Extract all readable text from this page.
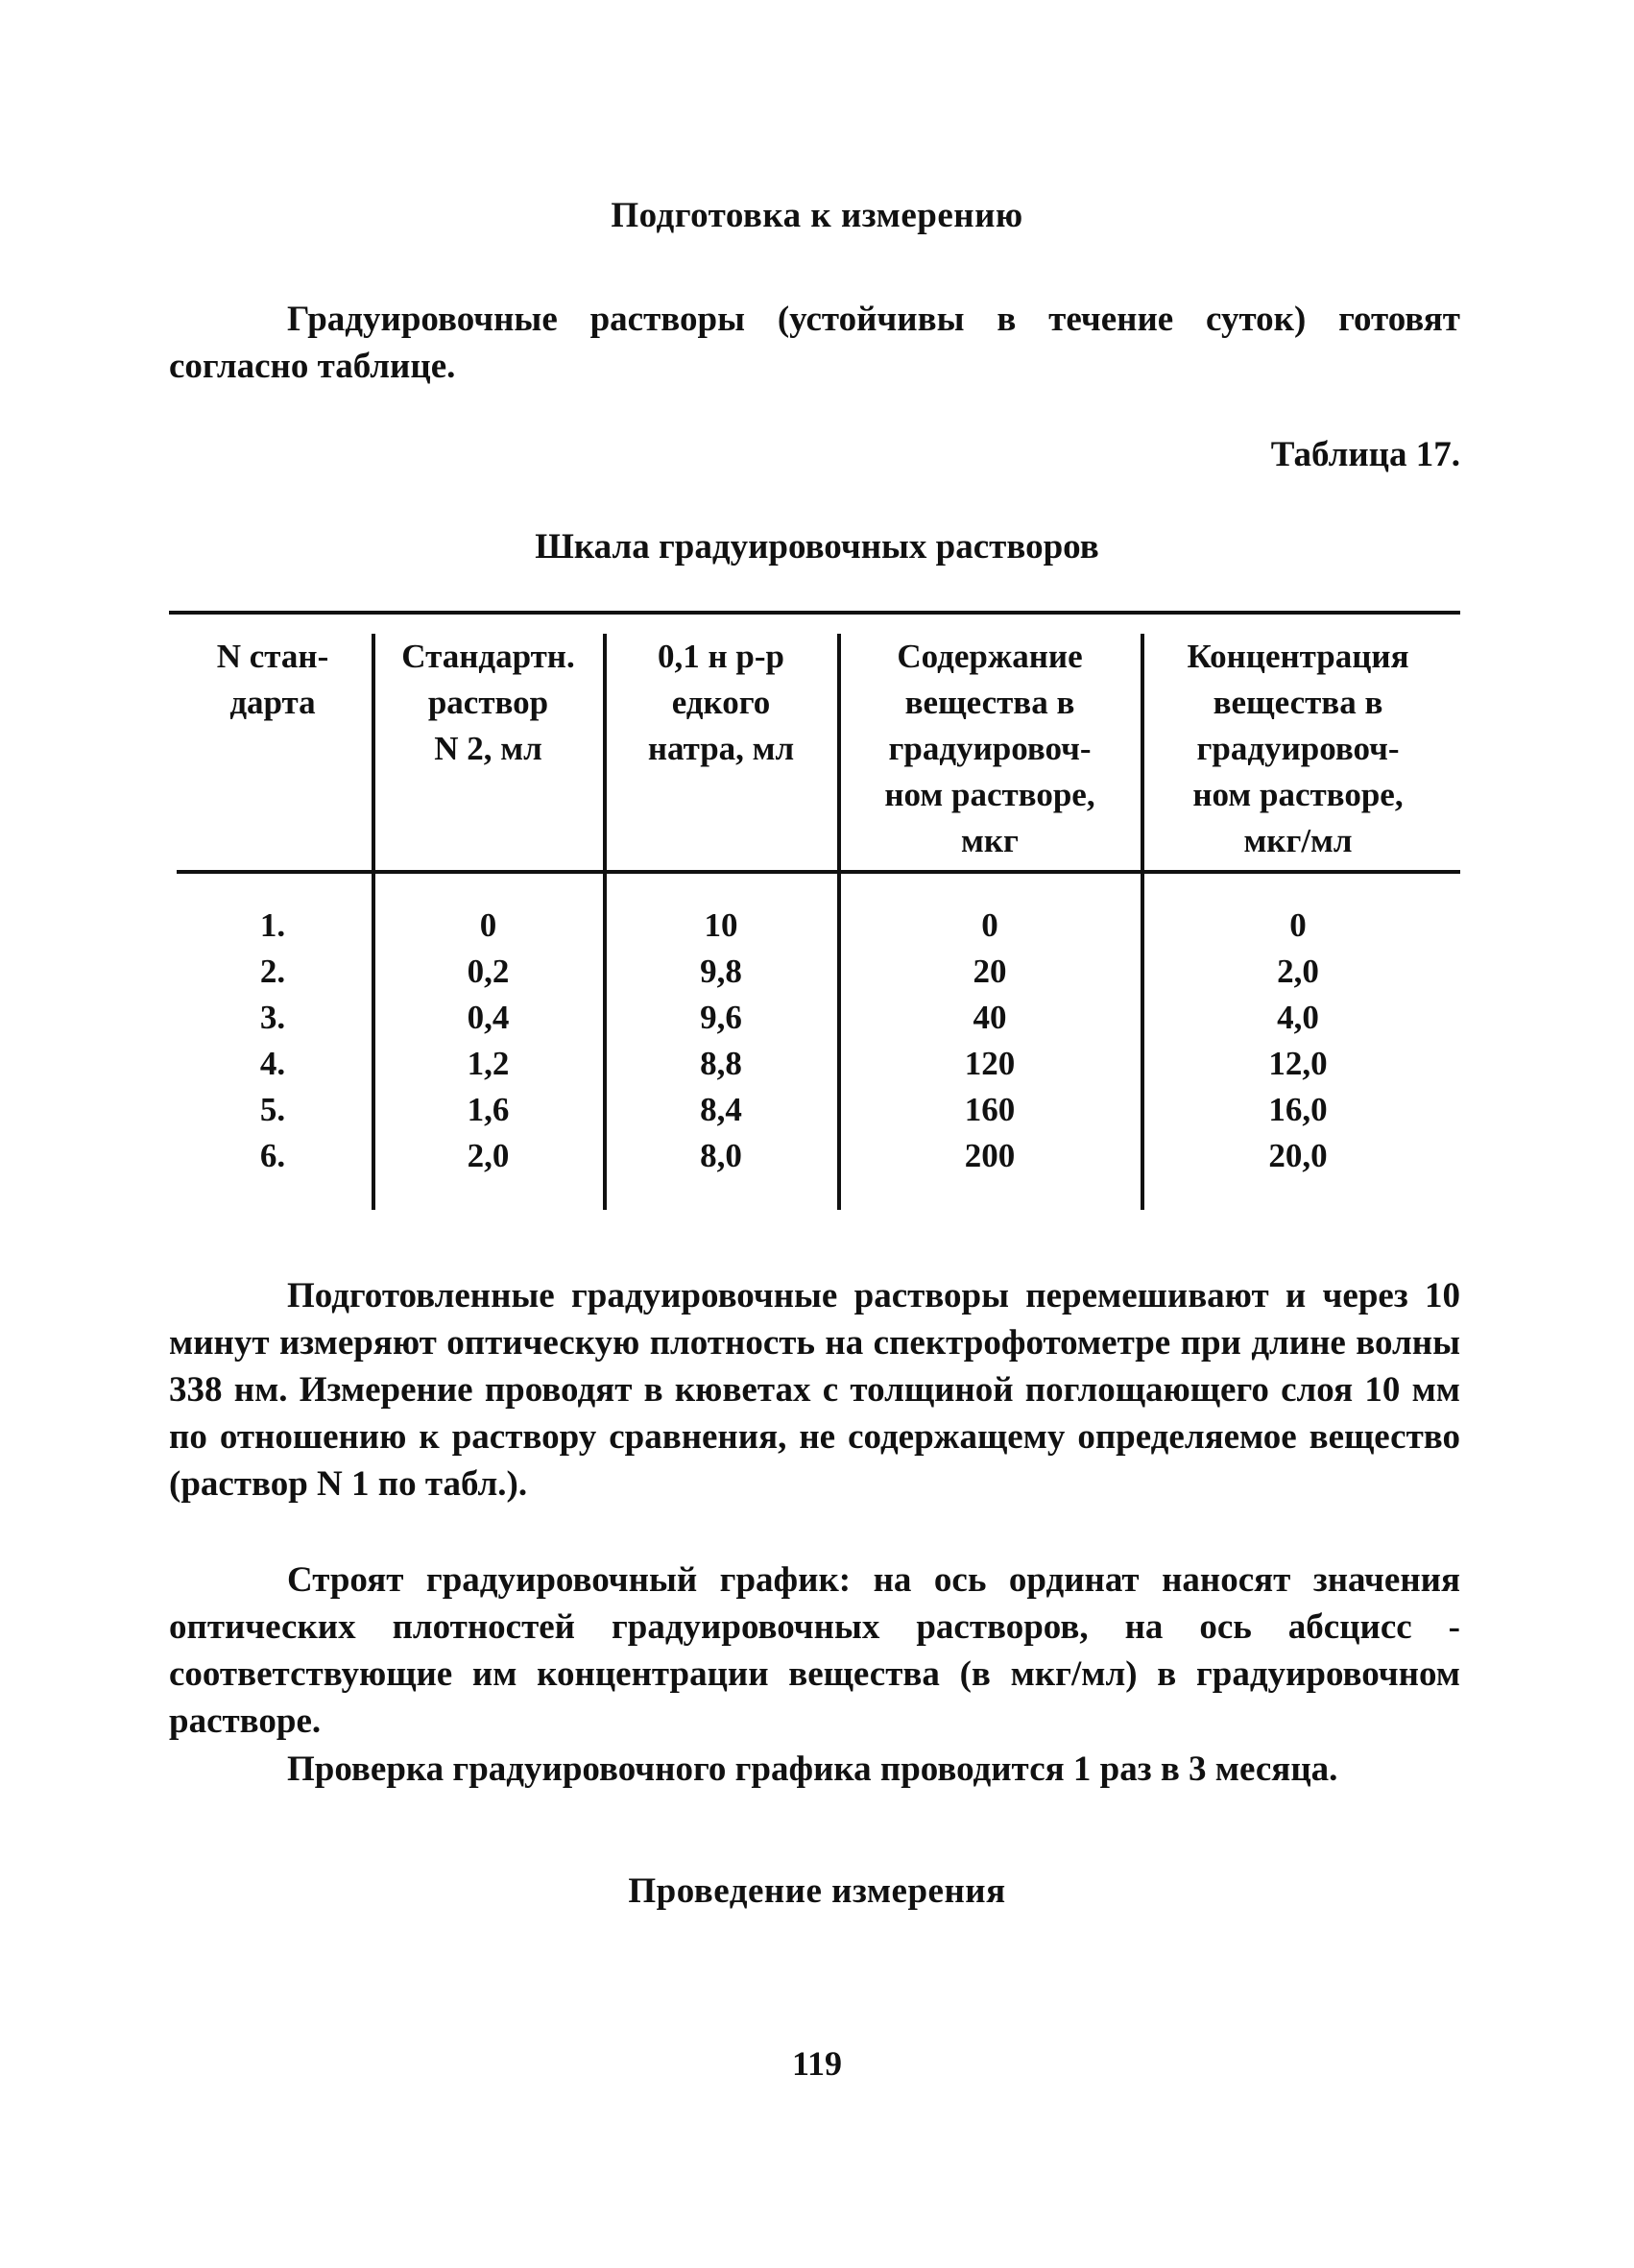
Подготовка к измерению
Градуировочные растворы (устойчивы в течение суток) готовят согласно таблице.
Таблица 17.
Шкала градуировочных растворов
N стан-
дарта
Стандартн.
раствор
N 2, мл
0,1 н р-р
едкого
натра, мл
Содержание
вещества в
градуировоч-
ном растворе,
мкг
Концентрация
вещества в
градуировоч-
ном растворе,
мкг/мл
1.
2.
3.
4.
5.
6.
0
0,2
0,4
1,2
1,6
2,0
10
9,8
9,6
8,8
8,4
8,0
0
20
40
120
160
200
0
2,0
4,0
12,0
16,0
20,0
Подготовленные градуировочные растворы перемешивают и через 10 минут измеряют оптическую плотность на спектрофотометре при длине волны 338 нм. Измерение проводят в кюветах с толщиной поглощающего слоя 10 мм по отношению к раствору сравнения, не содержащему определяемое вещество (раствор N 1 по табл.).
Строят градуировочный график: на ось ординат наносят значения оптических плотностей градуировочных растворов, на ось абсцисс - соответствующие им концентрации вещества (в мкг/мл) в градуировочном растворе.
Проверка градуировочного графика проводится 1 раз в 3 месяца.
Проведение измерения
119
